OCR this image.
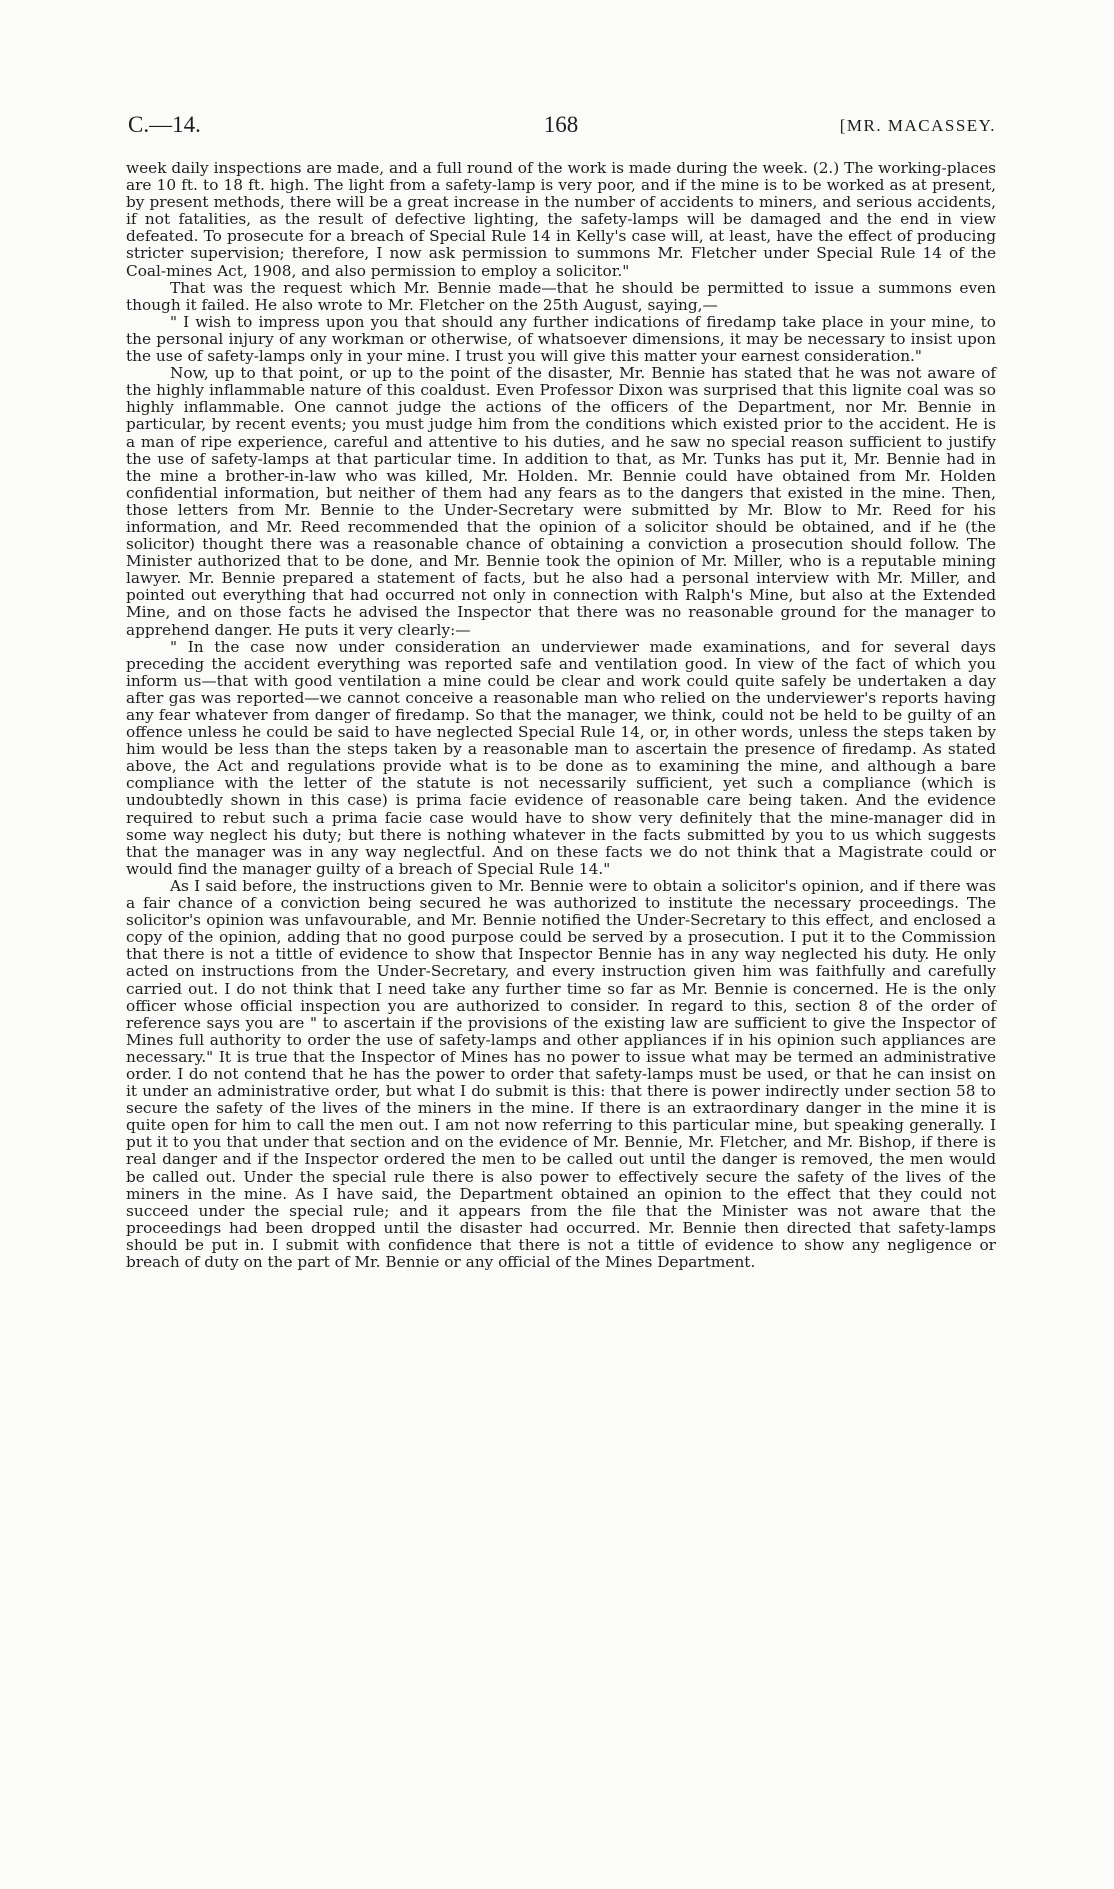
C.—14.	168	[MR. MACASSEY.

week daily inspections are made, and a full round of the work is made during the week. (2.) The working-places are 10 ft. to 18 ft. high. The light from a safety-lamp is very poor, and if the mine is to be worked as at present, by present methods, there will be a great increase in the number of accidents to miners, and serious accidents, if not fatalities, as the result of defective lighting, the safety-lamps will be damaged and the end in view defeated. To prosecute for a breach of Special Rule 14 in Kelly's case will, at least, have the effect of producing stricter supervision; therefore, I now ask permission to summons Mr. Fletcher under Special Rule 14 of the Coal-mines Act, 1908, and also permission to employ a solicitor."

That was the request which Mr. Bennie made—that he should be permitted to issue a summons even though it failed. He also wrote to Mr. Fletcher on the 25th August, saying,—

" I wish to impress upon you that should any further indications of firedamp take place in your mine, to the personal injury of any workman or otherwise, of whatsoever dimensions, it may be necessary to insist upon the use of safety-lamps only in your mine. I trust you will give this matter your earnest consideration."

Now, up to that point, or up to the point of the disaster, Mr. Bennie has stated that he was not aware of the highly inflammable nature of this coaldust. Even Professor Dixon was surprised that this lignite coal was so highly inflammable. One cannot judge the actions of the officers of the Department, nor Mr. Bennie in particular, by recent events; you must judge him from the conditions which existed prior to the accident. He is a man of ripe experience, careful and attentive to his duties, and he saw no special reason sufficient to justify the use of safety-lamps at that particular time. In addition to that, as Mr. Tunks has put it, Mr. Bennie had in the mine a brother-in-law who was killed, Mr. Holden. Mr. Bennie could have obtained from Mr. Holden confidential information, but neither of them had any fears as to the dangers that existed in the mine. Then, those letters from Mr. Bennie to the Under-Secretary were submitted by Mr. Blow to Mr. Reed for his information, and Mr. Reed recommended that the opinion of a solicitor should be obtained, and if he (the solicitor) thought there was a reasonable chance of obtaining a conviction a prosecution should follow. The Minister authorized that to be done, and Mr. Bennie took the opinion of Mr. Miller, who is a reputable mining lawyer. Mr. Bennie prepared a statement of facts, but he also had a personal interview with Mr. Miller, and pointed out everything that had occurred not only in connection with Ralph's Mine, but also at the Extended Mine, and on those facts he advised the Inspector that there was no reasonable ground for the manager to apprehend danger. He puts it very clearly:—

" In the case now under consideration an underviewer made examinations, and for several days preceding the accident everything was reported safe and ventilation good. In view of the fact of which you inform us—that with good ventilation a mine could be clear and work could quite safely be undertaken a day after gas was reported—we cannot conceive a reasonable man who relied on the underviewer's reports having any fear whatever from danger of firedamp. So that the manager, we think, could not be held to be guilty of an offence unless he could be said to have neglected Special Rule 14, or, in other words, unless the steps taken by him would be less than the steps taken by a reasonable man to ascertain the presence of firedamp. As stated above, the Act and regulations provide what is to be done as to examining the mine, and although a bare compliance with the letter of the statute is not necessarily sufficient, yet such a compliance (which is undoubtedly shown in this case) is prima facie evidence of reasonable care being taken. And the evidence required to rebut such a prima facie case would have to show very definitely that the mine-manager did in some way neglect his duty; but there is nothing whatever in the facts submitted by you to us which suggests that the manager was in any way neglectful. And on these facts we do not think that a Magistrate could or would find the manager guilty of a breach of Special Rule 14."

As I said before, the instructions given to Mr. Bennie were to obtain a solicitor's opinion, and if there was a fair chance of a conviction being secured he was authorized to institute the necessary proceedings. The solicitor's opinion was unfavourable, and Mr. Bennie notified the Under-Secretary to this effect, and enclosed a copy of the opinion, adding that no good purpose could be served by a prosecution. I put it to the Commission that there is not a tittle of evidence to show that Inspector Bennie has in any way neglected his duty. He only acted on instructions from the Under-Secretary, and every instruction given him was faithfully and carefully carried out. I do not think that I need take any further time so far as Mr. Bennie is concerned. He is the only officer whose official inspection you are authorized to consider. In regard to this, section 8 of the order of reference says you are " to ascertain if the provisions of the existing law are sufficient to give the Inspector of Mines full authority to order the use of safety-lamps and other appliances if in his opinion such appliances are necessary." It is true that the Inspector of Mines has no power to issue what may be termed an administrative order. I do not contend that he has the power to order that safety-lamps must be used, or that he can insist on it under an administrative order, but what I do submit is this: that there is power indirectly under section 58 to secure the safety of the lives of the miners in the mine. If there is an extraordinary danger in the mine it is quite open for him to call the men out. I am not now referring to this particular mine, but speaking generally. I put it to you that under that section and on the evidence of Mr. Bennie, Mr. Fletcher, and Mr. Bishop, if there is real danger and if the Inspector ordered the men to be called out until the danger is removed, the men would be called out. Under the special rule there is also power to effectively secure the safety of the lives of the miners in the mine. As I have said, the Department obtained an opinion to the effect that they could not succeed under the special rule; and it appears from the file that the Minister was not aware that the proceedings had been dropped until the disaster had occurred. Mr. Bennie then directed that safety-lamps should be put in. I submit with confidence that there is not a tittle of evidence to show any negligence or breach of duty on the part of Mr. Bennie or any official of the Mines Department.
